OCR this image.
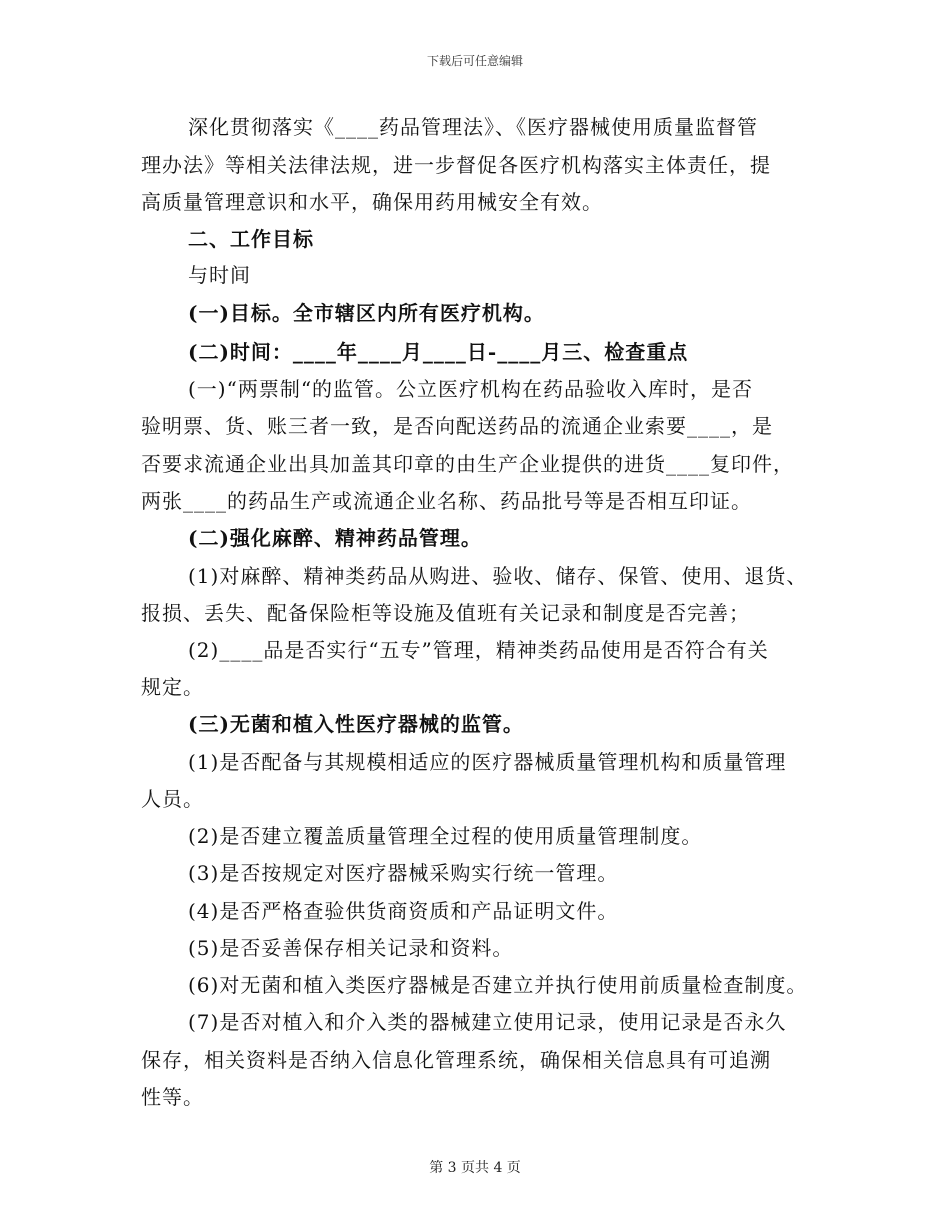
下载后可任意编辑
深化贯彻落实《____药品管理法》、《医疗器械使用质量监督管
理办法》等相关法律法规，进一步督促各医疗机构落实主体责任，提
高质量管理意识和水平，确保用药用械安全有效。
二、工作目标
与时间
(一)目标。全市辖区内所有医疗机构。
(二)时间：____年____月____日-____月三、检查重点
(一)“两票制“的监管。公立医疗机构在药品验收入库时，是否
验明票、货、账三者一致，是否向配送药品的流通企业索要____，是
否要求流通企业出具加盖其印章的由生产企业提供的进货____复印件，
两张____的药品生产或流通企业名称、药品批号等是否相互印证。
(二)强化麻醉、精神药品管理。
(1)对麻醉、精神类药品从购进、验收、储存、保管、使用、退货、
报损、丢失、配备保险柜等设施及值班有关记录和制度是否完善；
(2)____品是否实行“五专”管理，精神类药品使用是否符合有关
规定。
(三)无菌和植入性医疗器械的监管。
(1)是否配备与其规模相适应的医疗器械质量管理机构和质量管理
人员。
(2)是否建立覆盖质量管理全过程的使用质量管理制度。
(3)是否按规定对医疗器械采购实行统一管理。
(4)是否严格查验供货商资质和产品证明文件。
(5)是否妥善保存相关记录和资料。
(6)对无菌和植入类医疗器械是否建立并执行使用前质量检查制度。
(7)是否对植入和介入类的器械建立使用记录，使用记录是否永久
保存，相关资料是否纳入信息化管理系统，确保相关信息具有可追溯
性等。
第 3 页共 4 页
